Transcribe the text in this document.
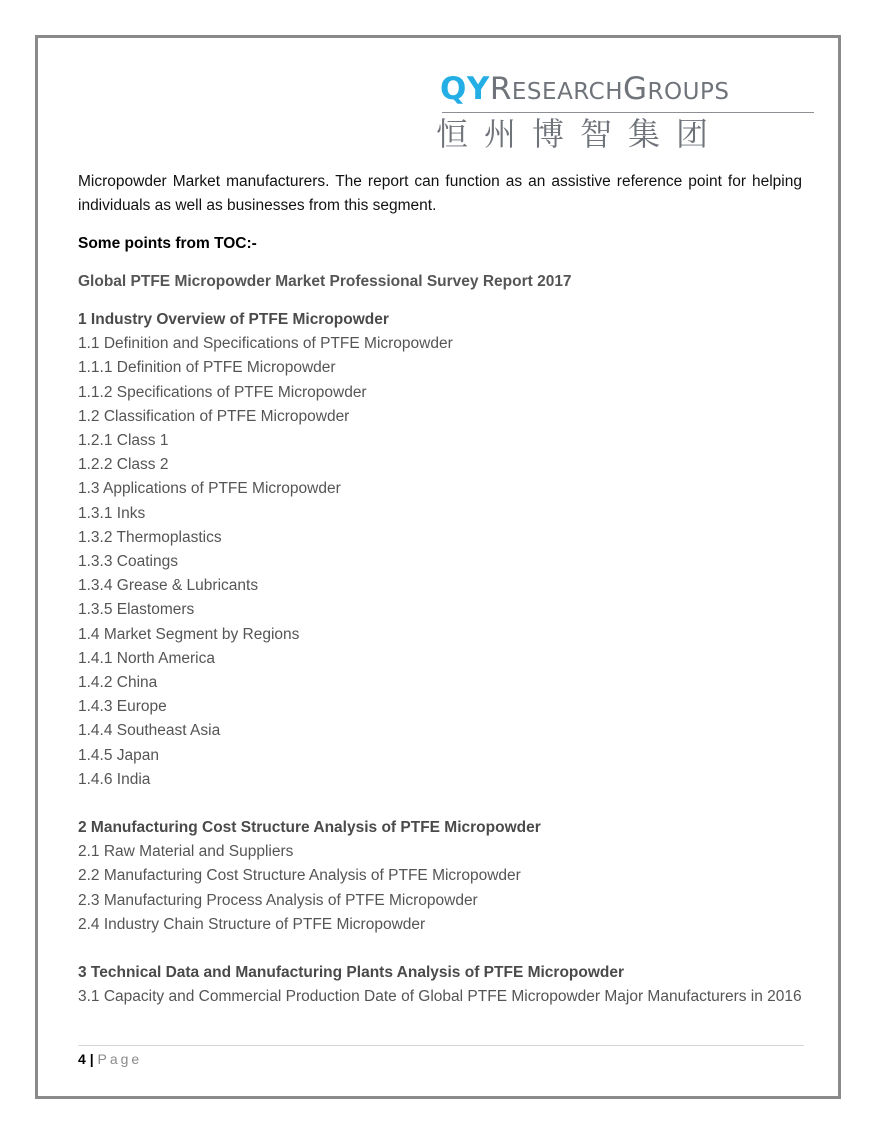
QYRESEARCHGROUPS
恒州博智集团

Micropowder Market manufacturers. The report can function as an assistive reference point for helping individuals as well as businesses from this segment.

Some points from TOC:-

Global PTFE Micropowder Market Professional Survey Report 2017

1 Industry Overview of PTFE Micropowder

1.1 Definition and Specifications of PTFE Micropowder

1.1.1 Definition of PTFE Micropowder

1.1.2 Specifications of PTFE Micropowder

1.2 Classification of PTFE Micropowder

1.2.1 Class 1

1.2.2 Class 2

1.3 Applications of PTFE Micropowder

1.3.1 Inks

1.3.2 Thermoplastics

1.3.3 Coatings

1.3.4 Grease & Lubricants

1.3.5 Elastomers

1.4 Market Segment by Regions

1.4.1 North America

1.4.2 China

1.4.3 Europe

1.4.4 Southeast Asia

1.4.5 Japan

1.4.6 India

2 Manufacturing Cost Structure Analysis of PTFE Micropowder

2.1 Raw Material and Suppliers

2.2 Manufacturing Cost Structure Analysis of PTFE Micropowder

2.3 Manufacturing Process Analysis of PTFE Micropowder

2.4 Industry Chain Structure of PTFE Micropowder

3 Technical Data and Manufacturing Plants Analysis of PTFE Micropowder

3.1 Capacity and Commercial Production Date of Global PTFE Micropowder Major Manufacturers in 2016

4 | Page
